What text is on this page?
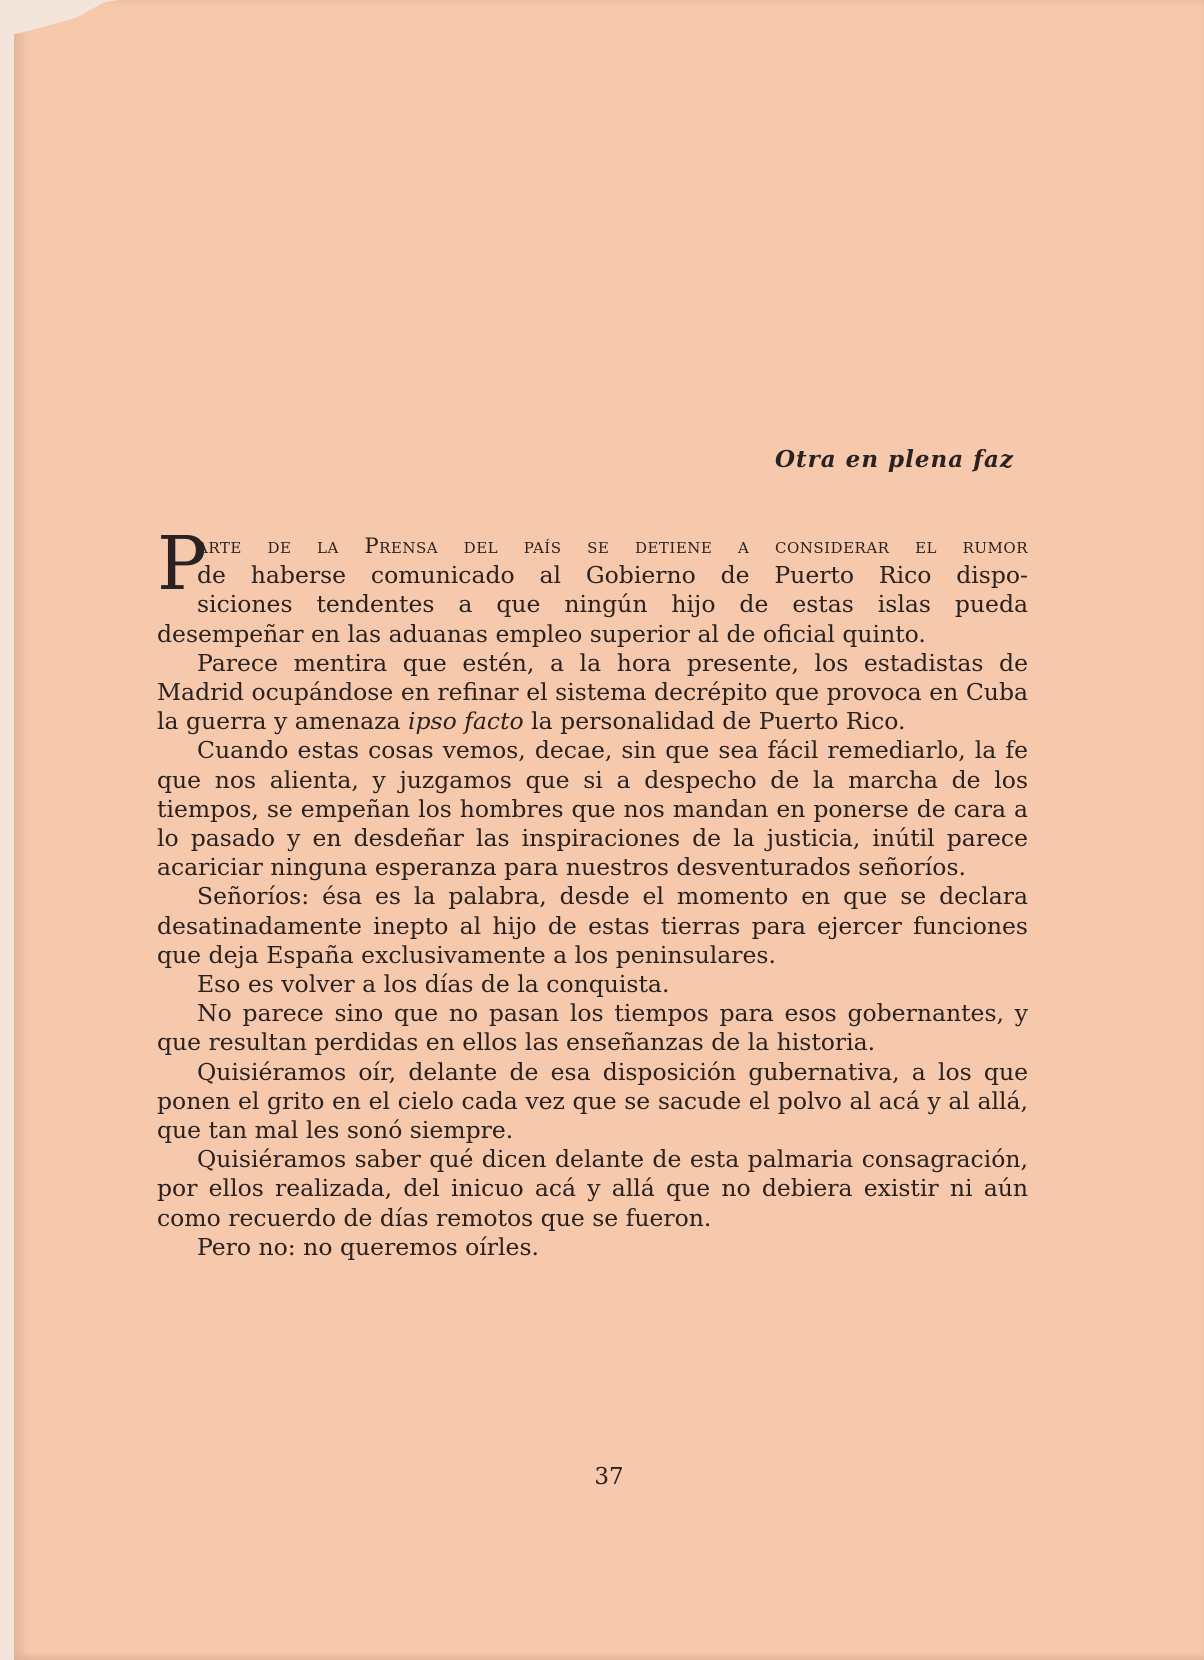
Otra en plena faz
P
arte de la Prensa del país se detiene a considerar el rumor
de haberse comunicado al Gobierno de Puerto Rico dispo-
siciones tendentes a que ningún hijo de estas islas pueda
desempeñar en las aduanas empleo superior al de oficial quinto.

Parece mentira que estén, a la hora presente, los estadistas de Madrid ocupándose en refinar el sistema decrépito que provoca en Cuba la guerra y amenaza ipso facto la personalidad de Puerto Rico.

Cuando estas cosas vemos, decae, sin que sea fácil remediarlo, la fe que nos alienta, y juzgamos que si a despecho de la marcha de los tiempos, se empeñan los hombres que nos mandan en ponerse de cara a lo pasado y en desdeñar las inspiraciones de la justicia, inútil parece acariciar ninguna esperanza para nuestros desventurados señoríos.

Señoríos: ésa es la palabra, desde el momento en que se declara desatinadamente inepto al hijo de estas tierras para ejercer funciones que deja España exclusivamente a los peninsulares.

Eso es volver a los días de la conquista.

No parece sino que no pasan los tiempos para esos gobernantes, y que resultan perdidas en ellos las enseñanzas de la historia.

Quisiéramos oír, delante de esa disposición gubernativa, a los que ponen el grito en el cielo cada vez que se sacude el polvo al acá y al allá, que tan mal les sonó siempre.

Quisiéramos saber qué dicen delante de esta palmaria consagración, por ellos realizada, del inicuo acá y allá que no debiera existir ni aún como recuerdo de días remotos que se fueron.

Pero no: no queremos oírles.

37
